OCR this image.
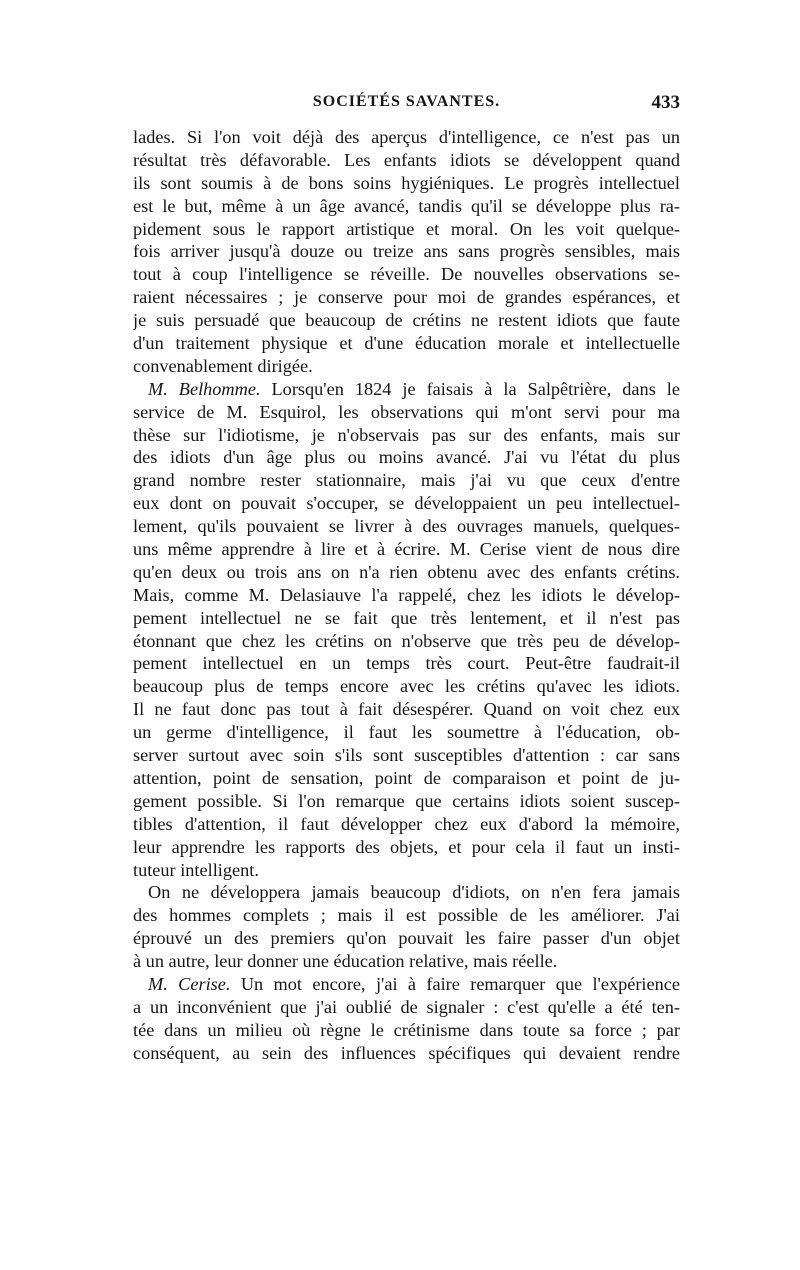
SOCIÉTÉS SAVANTES.	433
lades. Si l'on voit déjà des aperçus d'intelligence, ce n'est pas un
résultat très défavorable. Les enfants idiots se développent quand
ils sont soumis à de bons soins hygiéniques. Le progrès intellectuel
est le but, même à un âge avancé, tandis qu'il se développe plus ra-
pidement sous le rapport artistique et moral. On les voit quelque-
fois arriver jusqu'à douze ou treize ans sans progrès sensibles, mais
tout à coup l'intelligence se réveille. De nouvelles observations se-
raient nécessaires ; je conserve pour moi de grandes espérances, et
je suis persuadé que beaucoup de crétins ne restent idiots que faute
d'un traitement physique et d'une éducation morale et intellectuelle
convenablement dirigée.
M. Belhomme. Lorsqu'en 1824 je faisais à la Salpêtrière, dans le
service de M. Esquirol, les observations qui m'ont servi pour ma
thèse sur l'idiotisme, je n'observais pas sur des enfants, mais sur
des idiots d'un âge plus ou moins avancé. J'ai vu l'état du plus
grand nombre rester stationnaire, mais j'ai vu que ceux d'entre
eux dont on pouvait s'occuper, se développaient un peu intellectuel-
lement, qu'ils pouvaient se livrer à des ouvrages manuels, quelques-
uns même apprendre à lire et à écrire. M. Cerise vient de nous dire
qu'en deux ou trois ans on n'a rien obtenu avec des enfants crétins.
Mais, comme M. Delasiauve l'a rappelé, chez les idiots le dévelop-
pement intellectuel ne se fait que très lentement, et il n'est pas
étonnant que chez les crétins on n'observe que très peu de dévelop-
pement intellectuel en un temps très court. Peut-être faudrait-il
beaucoup plus de temps encore avec les crétins qu'avec les idiots.
Il ne faut donc pas tout à fait désespérer. Quand on voit chez eux
un germe d'intelligence, il faut les soumettre à l'éducation, ob-
server surtout avec soin s'ils sont susceptibles d'attention : car sans
attention, point de sensation, point de comparaison et point de ju-
gement possible. Si l'on remarque que certains idiots soient suscep-
tibles d'attention, il faut développer chez eux d'abord la mémoire,
leur apprendre les rapports des objets, et pour cela il faut un insti-
tuteur intelligent.
On ne développera jamais beaucoup d'idiots, on n'en fera jamais
des hommes complets ; mais il est possible de les améliorer. J'ai
éprouvé un des premiers qu'on pouvait les faire passer d'un objet
à un autre, leur donner une éducation relative, mais réelle.
M. Cerise. Un mot encore, j'ai à faire remarquer que l'expérience
a un inconvénient que j'ai oublié de signaler : c'est qu'elle a été ten-
tée dans un milieu où règne le crétinisme dans toute sa force ; par
conséquent, au sein des influences spécifiques qui devaient rendre
